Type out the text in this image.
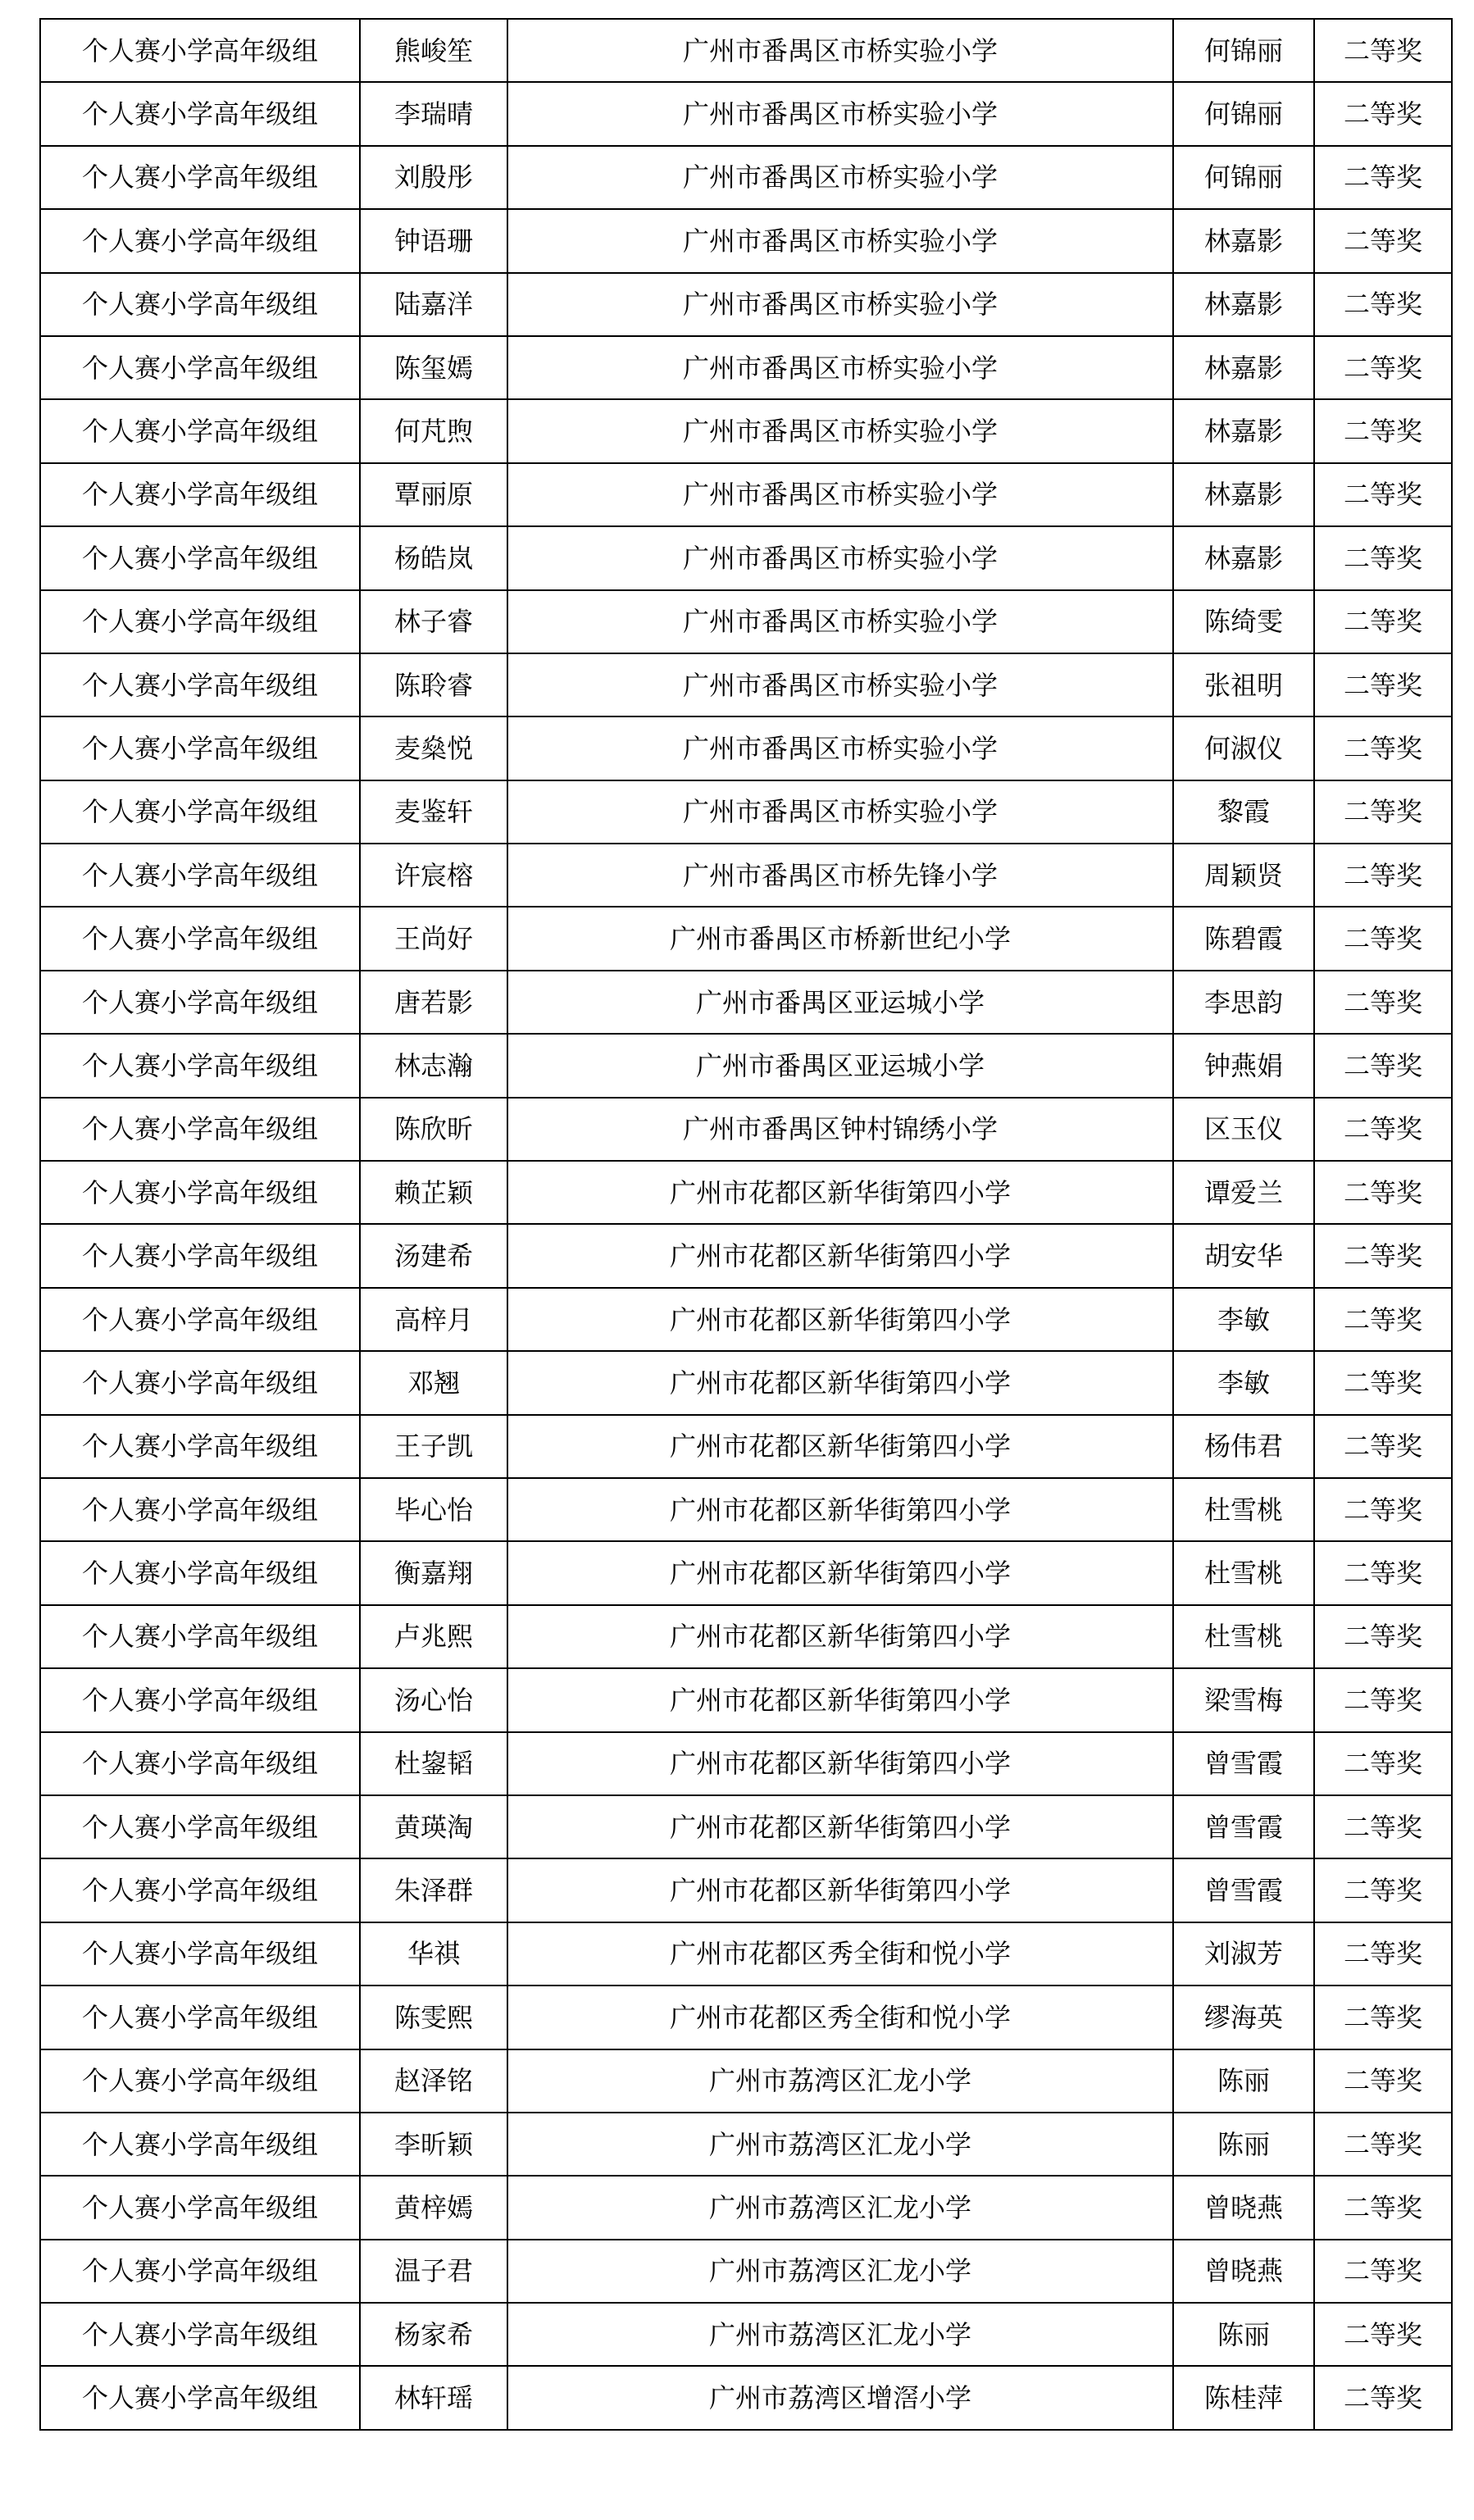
个人赛小学高年级组	熊峻笙	广州市番禺区市桥实验小学	何锦丽	二等奖
个人赛小学高年级组	李瑞晴	广州市番禺区市桥实验小学	何锦丽	二等奖
个人赛小学高年级组	刘殷彤	广州市番禺区市桥实验小学	何锦丽	二等奖
个人赛小学高年级组	钟语珊	广州市番禺区市桥实验小学	林嘉影	二等奖
个人赛小学高年级组	陆嘉洋	广州市番禺区市桥实验小学	林嘉影	二等奖
个人赛小学高年级组	陈玺嫣	广州市番禺区市桥实验小学	林嘉影	二等奖
个人赛小学高年级组	何芃煦	广州市番禺区市桥实验小学	林嘉影	二等奖
个人赛小学高年级组	覃丽原	广州市番禺区市桥实验小学	林嘉影	二等奖
个人赛小学高年级组	杨皓岚	广州市番禺区市桥实验小学	林嘉影	二等奖
个人赛小学高年级组	林子睿	广州市番禺区市桥实验小学	陈绮雯	二等奖
个人赛小学高年级组	陈聆睿	广州市番禺区市桥实验小学	张祖明	二等奖
个人赛小学高年级组	麦燊悦	广州市番禺区市桥实验小学	何淑仪	二等奖
个人赛小学高年级组	麦鉴轩	广州市番禺区市桥实验小学	黎霞	二等奖
个人赛小学高年级组	许宸榕	广州市番禺区市桥先锋小学	周颖贤	二等奖
个人赛小学高年级组	王尚好	广州市番禺区市桥新世纪小学	陈碧霞	二等奖
个人赛小学高年级组	唐若影	广州市番禺区亚运城小学	李思韵	二等奖
个人赛小学高年级组	林志瀚	广州市番禺区亚运城小学	钟燕娟	二等奖
个人赛小学高年级组	陈欣昕	广州市番禺区钟村锦绣小学	区玉仪	二等奖
个人赛小学高年级组	赖芷颖	广州市花都区新华街第四小学	谭爱兰	二等奖
个人赛小学高年级组	汤建希	广州市花都区新华街第四小学	胡安华	二等奖
个人赛小学高年级组	高梓月	广州市花都区新华街第四小学	李敏	二等奖
个人赛小学高年级组	邓翘	广州市花都区新华街第四小学	李敏	二等奖
个人赛小学高年级组	王子凯	广州市花都区新华街第四小学	杨伟君	二等奖
个人赛小学高年级组	毕心怡	广州市花都区新华街第四小学	杜雪桃	二等奖
个人赛小学高年级组	衡嘉翔	广州市花都区新华街第四小学	杜雪桃	二等奖
个人赛小学高年级组	卢兆熙	广州市花都区新华街第四小学	杜雪桃	二等奖
个人赛小学高年级组	汤心怡	广州市花都区新华街第四小学	梁雪梅	二等奖
个人赛小学高年级组	杜鋆韬	广州市花都区新华街第四小学	曾雪霞	二等奖
个人赛小学高年级组	黄瑛淘	广州市花都区新华街第四小学	曾雪霞	二等奖
个人赛小学高年级组	朱泽群	广州市花都区新华街第四小学	曾雪霞	二等奖
个人赛小学高年级组	华祺	广州市花都区秀全街和悦小学	刘淑芳	二等奖
个人赛小学高年级组	陈雯熙	广州市花都区秀全街和悦小学	缪海英	二等奖
个人赛小学高年级组	赵泽铭	广州市荔湾区汇龙小学	陈丽	二等奖
个人赛小学高年级组	李昕颖	广州市荔湾区汇龙小学	陈丽	二等奖
个人赛小学高年级组	黄梓嫣	广州市荔湾区汇龙小学	曾晓燕	二等奖
个人赛小学高年级组	温子君	广州市荔湾区汇龙小学	曾晓燕	二等奖
个人赛小学高年级组	杨家希	广州市荔湾区汇龙小学	陈丽	二等奖
个人赛小学高年级组	林轩瑶	广州市荔湾区增滘小学	陈桂萍	二等奖
